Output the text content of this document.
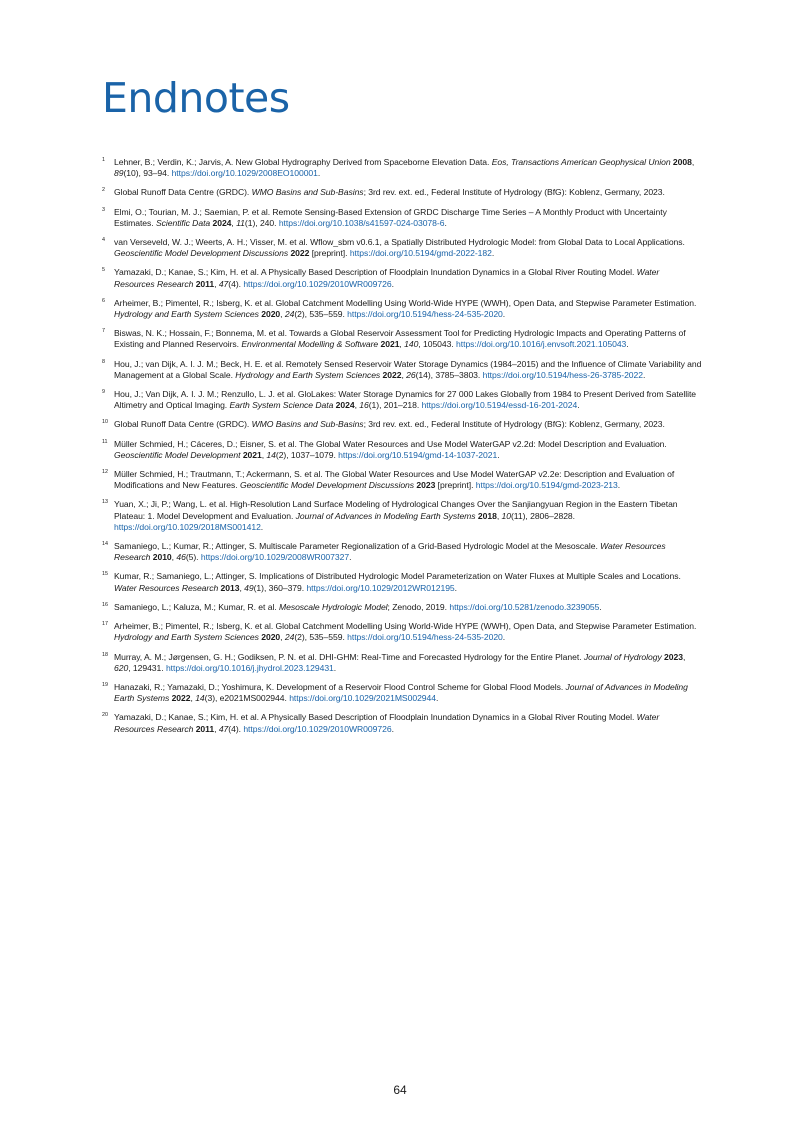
Endnotes

1 Lehner, B.; Verdin, K.; Jarvis, A. New Global Hydrography Derived from Spaceborne Elevation Data. Eos, Transactions American Geophysical Union 2008, 89(10), 93–94. https://doi.org/10.1029/2008EO100001.

2 Global Runoff Data Centre (GRDC). WMO Basins and Sub-Basins; 3rd rev. ext. ed., Federal Institute of Hydrology (BfG): Koblenz, Germany, 2023.

3 Elmi, O.; Tourian, M. J.; Saemian, P. et al. Remote Sensing-Based Extension of GRDC Discharge Time Series – A Monthly Product with Uncertainty Estimates. Scientific Data 2024, 11(1), 240. https://doi.org/10.1038/s41597-024-03078-6.

4 van Verseveld, W. J.; Weerts, A. H.; Visser, M. et al. Wflow_sbm v0.6.1, a Spatially Distributed Hydrologic Model: from Global Data to Local Applications. Geoscientific Model Development Discussions 2022 [preprint]. https://doi.org/10.5194/gmd-2022-182.

5 Yamazaki, D.; Kanae, S.; Kim, H. et al. A Physically Based Description of Floodplain Inundation Dynamics in a Global River Routing Model. Water Resources Research 2011, 47(4). https://doi.org/10.1029/2010WR009726.

6 Arheimer, B.; Pimentel, R.; Isberg, K. et al. Global Catchment Modelling Using World-Wide HYPE (WWH), Open Data, and Stepwise Parameter Estimation. Hydrology and Earth System Sciences 2020, 24(2), 535–559. https://doi.org/10.5194/hess-24-535-2020.

7 Biswas, N. K.; Hossain, F.; Bonnema, M. et al. Towards a Global Reservoir Assessment Tool for Predicting Hydrologic Impacts and Operating Patterns of Existing and Planned Reservoirs. Environmental Modelling & Software 2021, 140, 105043. https://doi.org/10.1016/j.envsoft.2021.105043.

8 Hou, J.; van Dijk, A. I. J. M.; Beck, H. E. et al. Remotely Sensed Reservoir Water Storage Dynamics (1984–2015) and the Influence of Climate Variability and Management at a Global Scale. Hydrology and Earth System Sciences 2022, 26(14), 3785–3803. https://doi.org/10.5194/hess-26-3785-2022.

9 Hou, J.; Van Dijk, A. I. J. M.; Renzullo, L. J. et al. GloLakes: Water Storage Dynamics for 27 000 Lakes Globally from 1984 to Present Derived from Satellite Altimetry and Optical Imaging. Earth System Science Data 2024, 16(1), 201–218. https://doi.org/10.5194/essd-16-201-2024.

10 Global Runoff Data Centre (GRDC). WMO Basins and Sub-Basins; 3rd rev. ext. ed., Federal Institute of Hydrology (BfG): Koblenz, Germany, 2023.

11 Müller Schmied, H.; Cáceres, D.; Eisner, S. et al. The Global Water Resources and Use Model WaterGAP v2.2d: Model Description and Evaluation. Geoscientific Model Development 2021, 14(2), 1037–1079. https://doi.org/10.5194/gmd-14-1037-2021.

12 Müller Schmied, H.; Trautmann, T.; Ackermann, S. et al. The Global Water Resources and Use Model WaterGAP v2.2e: Description and Evaluation of Modifications and New Features. Geoscientific Model Development Discussions 2023 [preprint]. https://doi.org/10.5194/gmd-2023-213.

13 Yuan, X.; Ji, P.; Wang, L. et al. High-Resolution Land Surface Modeling of Hydrological Changes Over the Sanjiangyuan Region in the Eastern Tibetan Plateau: 1. Model Development and Evaluation. Journal of Advances in Modeling Earth Systems 2018, 10(11), 2806–2828. https://doi.org/10.1029/2018MS001412.

14 Samaniego, L.; Kumar, R.; Attinger, S. Multiscale Parameter Regionalization of a Grid-Based Hydrologic Model at the Mesoscale. Water Resources Research 2010, 46(5). https://doi.org/10.1029/2008WR007327.

15 Kumar, R.; Samaniego, L.; Attinger, S. Implications of Distributed Hydrologic Model Parameterization on Water Fluxes at Multiple Scales and Locations. Water Resources Research 2013, 49(1), 360–379. https://doi.org/10.1029/2012WR012195.

16 Samaniego, L.; Kaluza, M.; Kumar, R. et al. Mesoscale Hydrologic Model; Zenodo, 2019. https://doi.org/10.5281/zenodo.3239055.

17 Arheimer, B.; Pimentel, R.; Isberg, K. et al. Global Catchment Modelling Using World-Wide HYPE (WWH), Open Data, and Stepwise Parameter Estimation. Hydrology and Earth System Sciences 2020, 24(2), 535–559. https://doi.org/10.5194/hess-24-535-2020.

18 Murray, A. M.; Jørgensen, G. H.; Godiksen, P. N. et al. DHI-GHM: Real-Time and Forecasted Hydrology for the Entire Planet. Journal of Hydrology 2023, 620, 129431. https://doi.org/10.1016/j.jhydrol.2023.129431.

19 Hanazaki, R.; Yamazaki, D.; Yoshimura, K. Development of a Reservoir Flood Control Scheme for Global Flood Models. Journal of Advances in Modeling Earth Systems 2022, 14(3), e2021MS002944. https://doi.org/10.1029/2021MS002944.

20 Yamazaki, D.; Kanae, S.; Kim, H. et al. A Physically Based Description of Floodplain Inundation Dynamics in a Global River Routing Model. Water Resources Research 2011, 47(4). https://doi.org/10.1029/2010WR009726.

64
